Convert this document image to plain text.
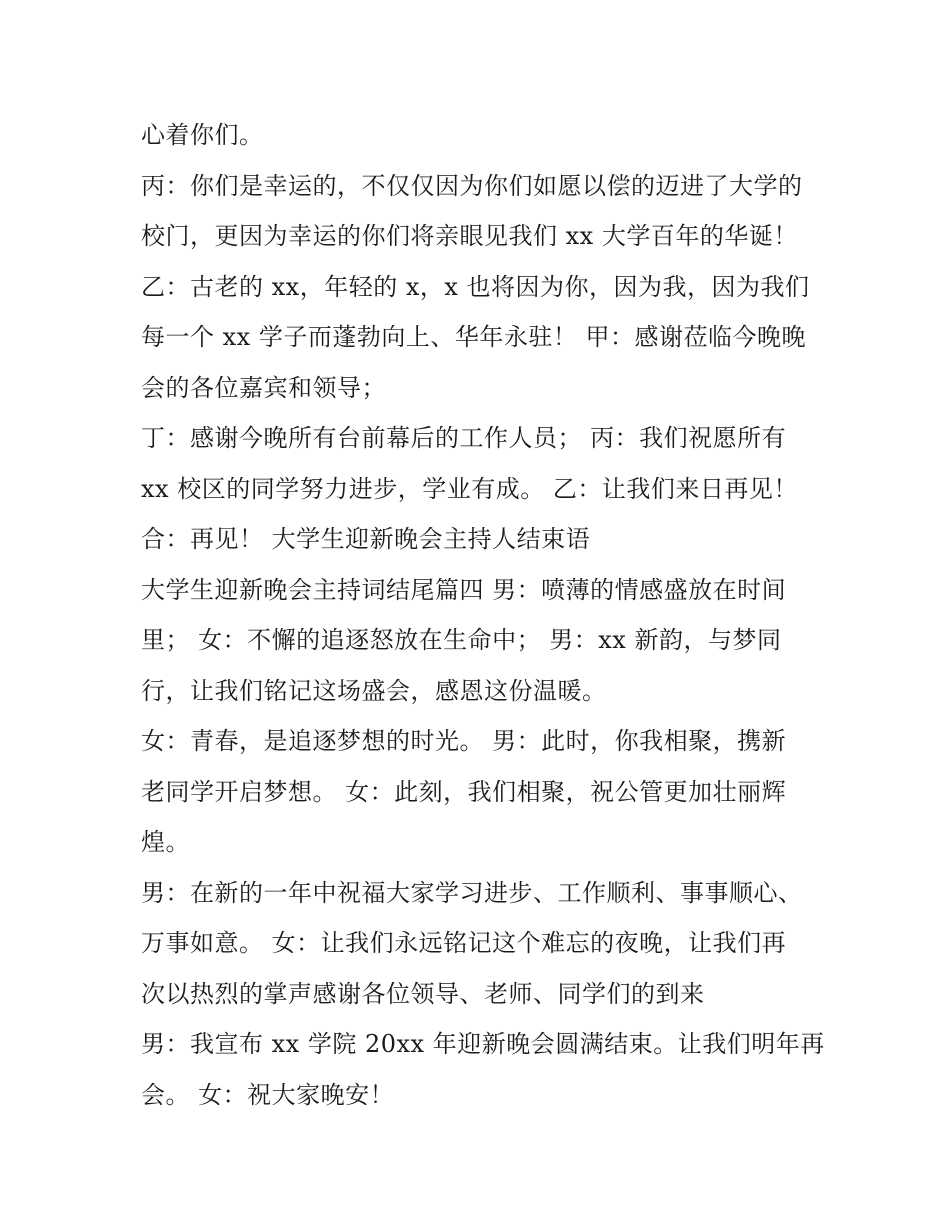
心着你们。
丙：你们是幸运的，不仅仅因为你们如愿以偿的迈进了大学的
校门，更因为幸运的你们将亲眼见我们 xx 大学百年的华诞！
乙：古老的 xx，年轻的 x，x 也将因为你，因为我，因为我们
每一个 xx 学子而蓬勃向上、华年永驻！ 甲：感谢莅临今晚晚
会的各位嘉宾和领导；
丁：感谢今晚所有台前幕后的工作人员； 丙：我们祝愿所有
xx 校区的同学努力进步，学业有成。 乙：让我们来日再见！
合：再见！ 大学生迎新晚会主持人结束语
大学生迎新晚会主持词结尾篇四 男：喷薄的情感盛放在时间
里； 女：不懈的追逐怒放在生命中； 男：xx 新韵，与梦同
行，让我们铭记这场盛会，感恩这份温暖。
女：青春，是追逐梦想的时光。 男：此时，你我相聚，携新
老同学开启梦想。 女：此刻，我们相聚，祝公管更加壮丽辉
煌。
男：在新的一年中祝福大家学习进步、工作顺利、事事顺心、
万事如意。 女：让我们永远铭记这个难忘的夜晚，让我们再
次以热烈的掌声感谢各位领导、老师、同学们的到来
男：我宣布 xx 学院 20xx 年迎新晚会圆满结束。让我们明年再
会。 女：祝大家晚安！
